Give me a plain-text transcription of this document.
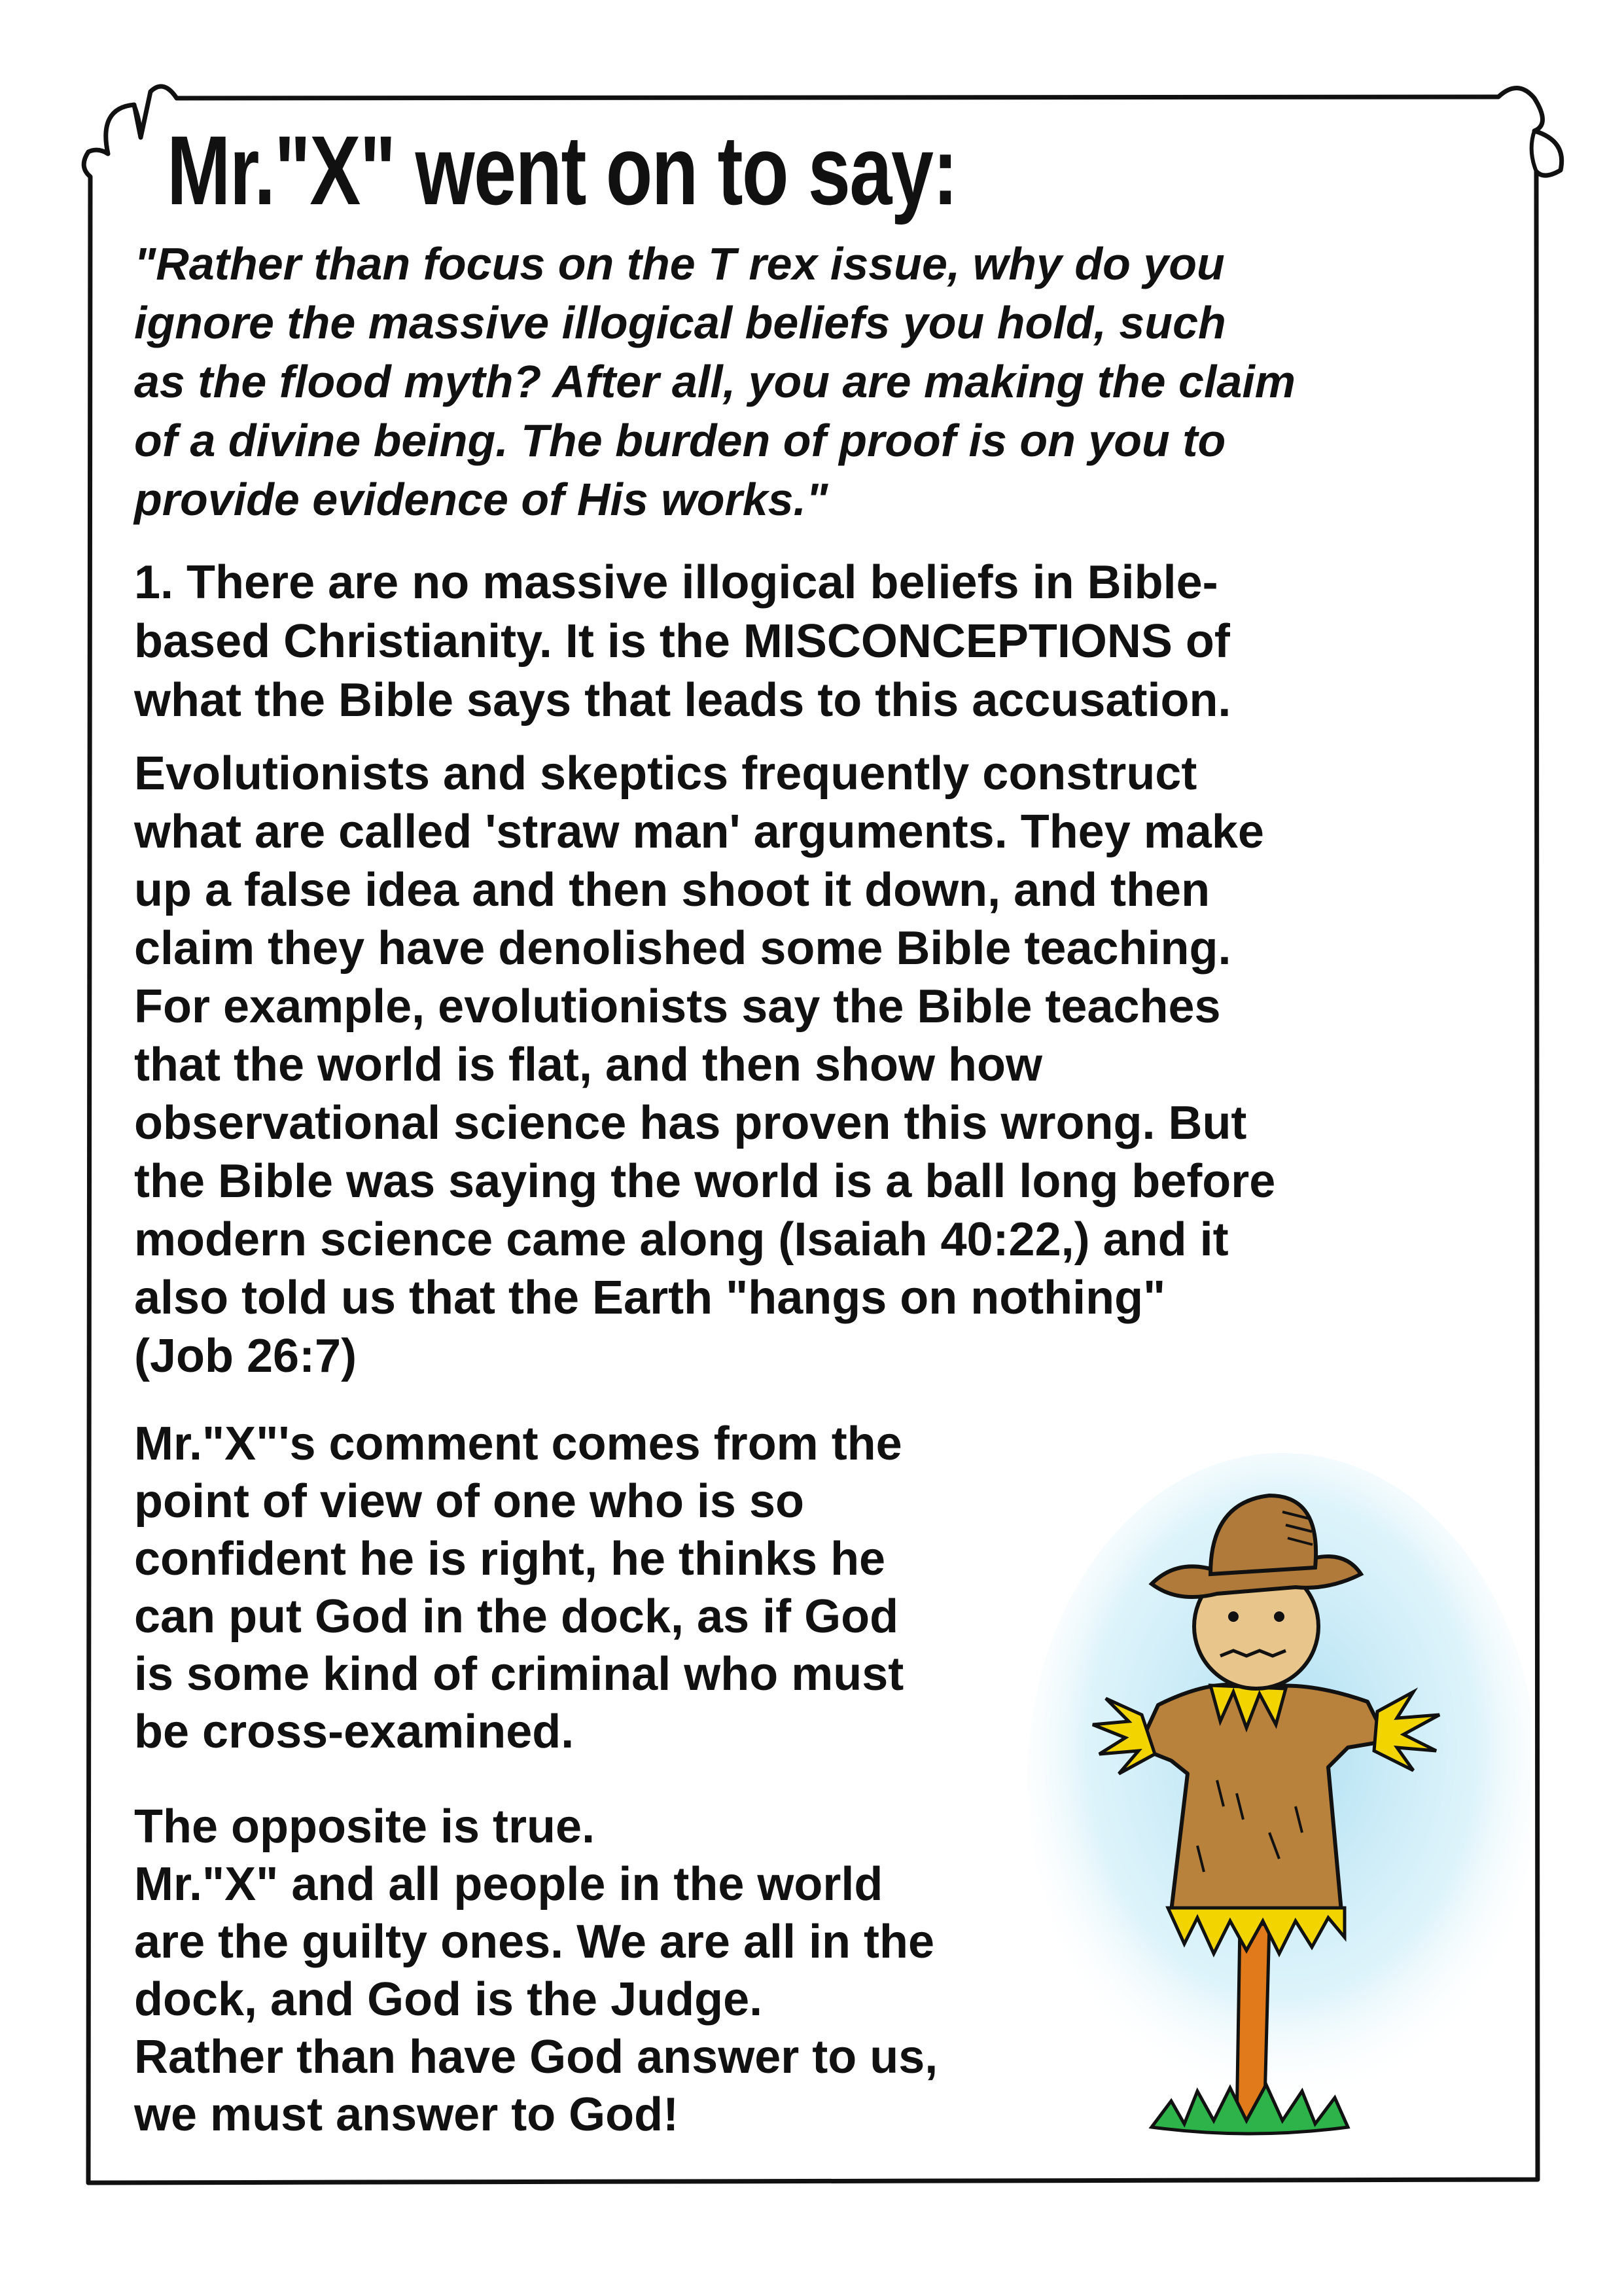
Mr."X" went on to say:
"Rather than focus on the T rex issue, why do you
ignore the massive illogical beliefs you hold, such
as the flood myth? After all, you are making the claim
of a divine being. The burden of proof is on you to
provide evidence of His works."
1. There are no massive illogical beliefs in Bible-
based Christianity. It is the MISCONCEPTIONS of
what the Bible says that leads to this accusation.
Evolutionists and skeptics frequently construct
what are called 'straw man' arguments. They make
up a false idea and then shoot it down, and then
claim they have denolished some Bible teaching.
For example, evolutionists say the Bible teaches
that the world is flat, and then show how
observational science has proven this wrong. But
the Bible was saying the world is a ball long before
modern science came along (Isaiah 40:22,) and it
also told us that the Earth "hangs on nothing"
(Job 26:7)
Mr."X"'s comment comes from the
point of view of one who is so
confident he is right, he thinks he
can put God in the dock, as if God
is some kind of criminal who must
be cross-examined.
The opposite is true.
Mr."X" and all people in the world
are the guilty ones. We are all in the
dock, and God is the Judge.
Rather than have God answer to us,
we must answer to God!
